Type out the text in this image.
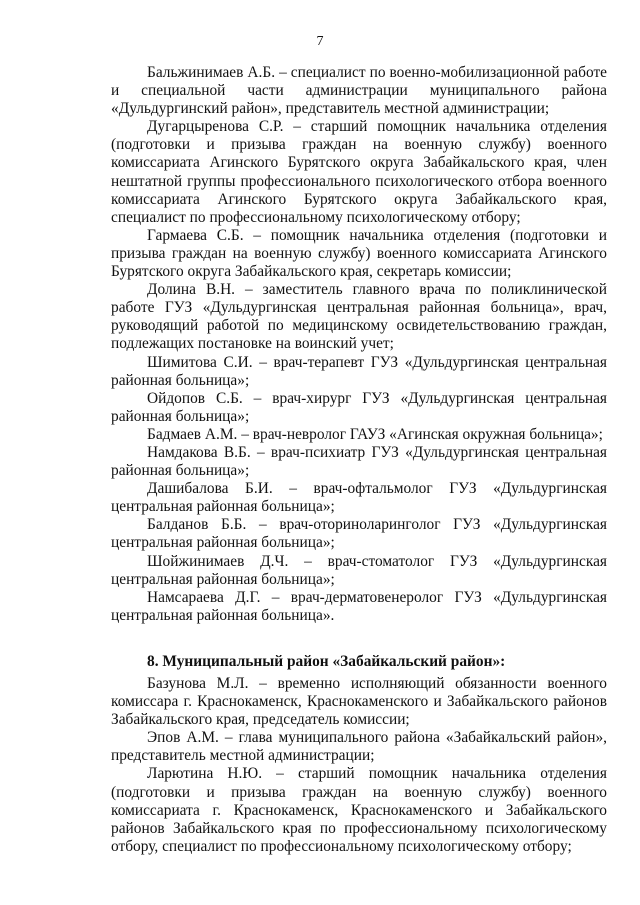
7

Бальжинимаев А.Б. – специалист по военно-мобилизационной работе и специальной части администрации муниципального района «Дульдургинский район», представитель местной администрации;

Дугарцыренова С.Р. – старший помощник начальника отделения (подготовки и призыва граждан на военную службу) военного комиссариата Агинского Бурятского округа Забайкальского края, член нештатной группы профессионального психологического отбора военного комиссариата Агинского Бурятского округа Забайкальского края, специалист по профессиональному психологическому отбору;

Гармаева С.Б. – помощник начальника отделения (подготовки и призыва граждан на военную службу) военного комиссариата Агинского Бурятского округа Забайкальского края, секретарь комиссии;

Долина В.Н. – заместитель главного врача по поликлинической работе ГУЗ «Дульдургинская центральная районная больница», врач, руководящий работой по медицинскому освидетельствованию граждан, подлежащих постановке на воинский учет;

Шимитова С.И. – врач-терапевт ГУЗ «Дульдургинская центральная районная больница»;

Ойдопов С.Б. – врач-хирург ГУЗ «Дульдургинская центральная районная больница»;

Бадмаев А.М. – врач-невролог ГАУЗ «Агинская окружная больница»;

Намдакова В.Б. – врач-психиатр ГУЗ «Дульдургинская центральная районная больница»;

Дашибалова Б.И. – врач-офтальмолог ГУЗ «Дульдургинская центральная районная больница»;

Балданов Б.Б. – врач-оториноларинголог ГУЗ «Дульдургинская центральная районная больница»;

Шойжинимаев Д.Ч. – врач-стоматолог ГУЗ «Дульдургинская центральная районная больница»;

Намсараева Д.Г. – врач-дерматовенеролог ГУЗ «Дульдургинская центральная районная больница».

8. Муниципальный район «Забайкальский район»:

Базунова М.Л. – временно исполняющий обязанности военного комиссара г. Краснокаменск, Краснокаменского и Забайкальского районов Забайкальского края, председатель комиссии;

Эпов А.М. – глава муниципального района «Забайкальский район», представитель местной администрации;

Ларютина Н.Ю. – старший помощник начальника отделения (подготовки и призыва граждан на военную службу) военного комиссариата г. Краснокаменск, Краснокаменского и Забайкальского районов Забайкальского края по профессиональному психологическому отбору, специалист по профессиональному психологическому отбору;
